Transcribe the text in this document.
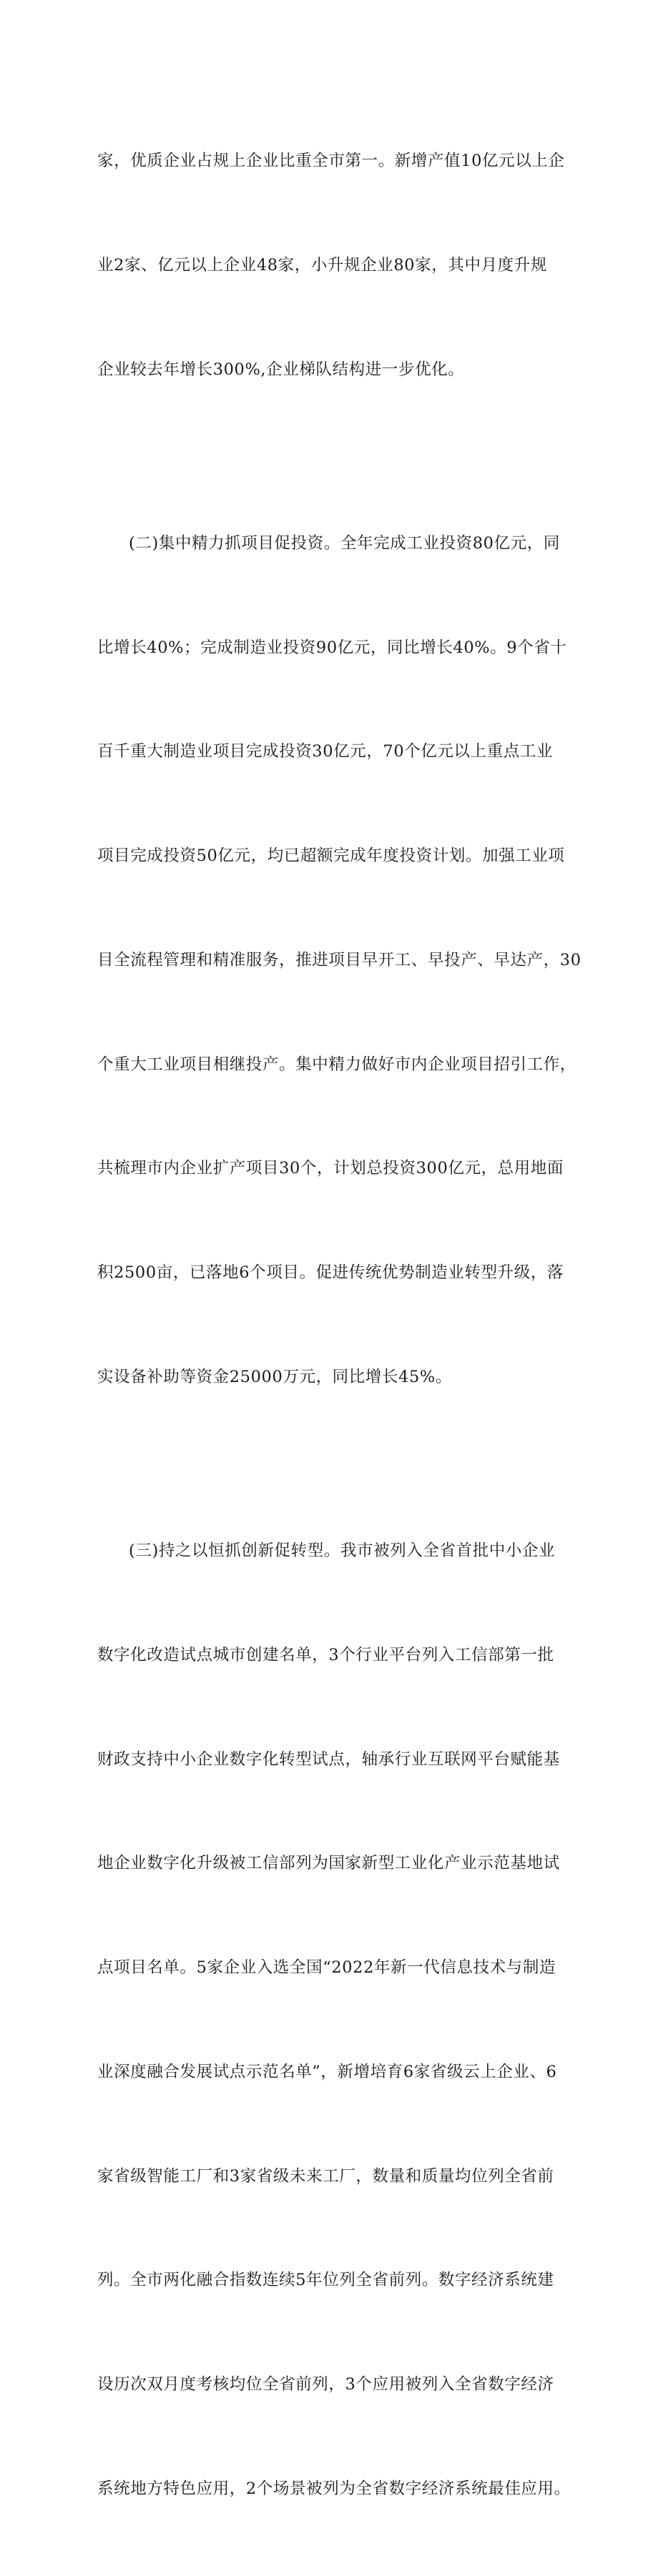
家，优质企业占规上企业比重全市第一。新增产值10亿元以上企

业2家、亿元以上企业48家，小升规企业80家，其中月度升规

企业较去年增长300%,企业梯队结构进一步优化。

(二)集中精力抓项目促投资。全年完成工业投资80亿元，同

比增长40%；完成制造业投资90亿元，同比增长40%。9个省十

百千重大制造业项目完成投资30亿元，70个亿元以上重点工业

项目完成投资50亿元，均已超额完成年度投资计划。加强工业项

目全流程管理和精准服务，推进项目早开工、早投产、早达产，30

个重大工业项目相继投产。集中精力做好市内企业项目招引工作，

共梳理市内企业扩产项目30个，计划总投资300亿元，总用地面

积2500亩，已落地6个项目。促进传统优势制造业转型升级，落

实设备补助等资金25000万元，同比增长45%。

(三)持之以恒抓创新促转型。我市被列入全省首批中小企业

数字化改造试点城市创建名单，3个行业平台列入工信部第一批

财政支持中小企业数字化转型试点，轴承行业互联网平台赋能基

地企业数字化升级被工信部列为国家新型工业化产业示范基地试

点项目名单。5家企业入选全国“2022年新一代信息技术与制造

业深度融合发展试点示范名单”，新增培育6家省级云上企业、6

家省级智能工厂和3家省级未来工厂，数量和质量均位列全省前

列。全市两化融合指数连续5年位列全省前列。数字经济系统建

设历次双月度考核均位全省前列，3个应用被列入全省数字经济

系统地方特色应用，2个场景被列为全省数字经济系统最佳应用。
